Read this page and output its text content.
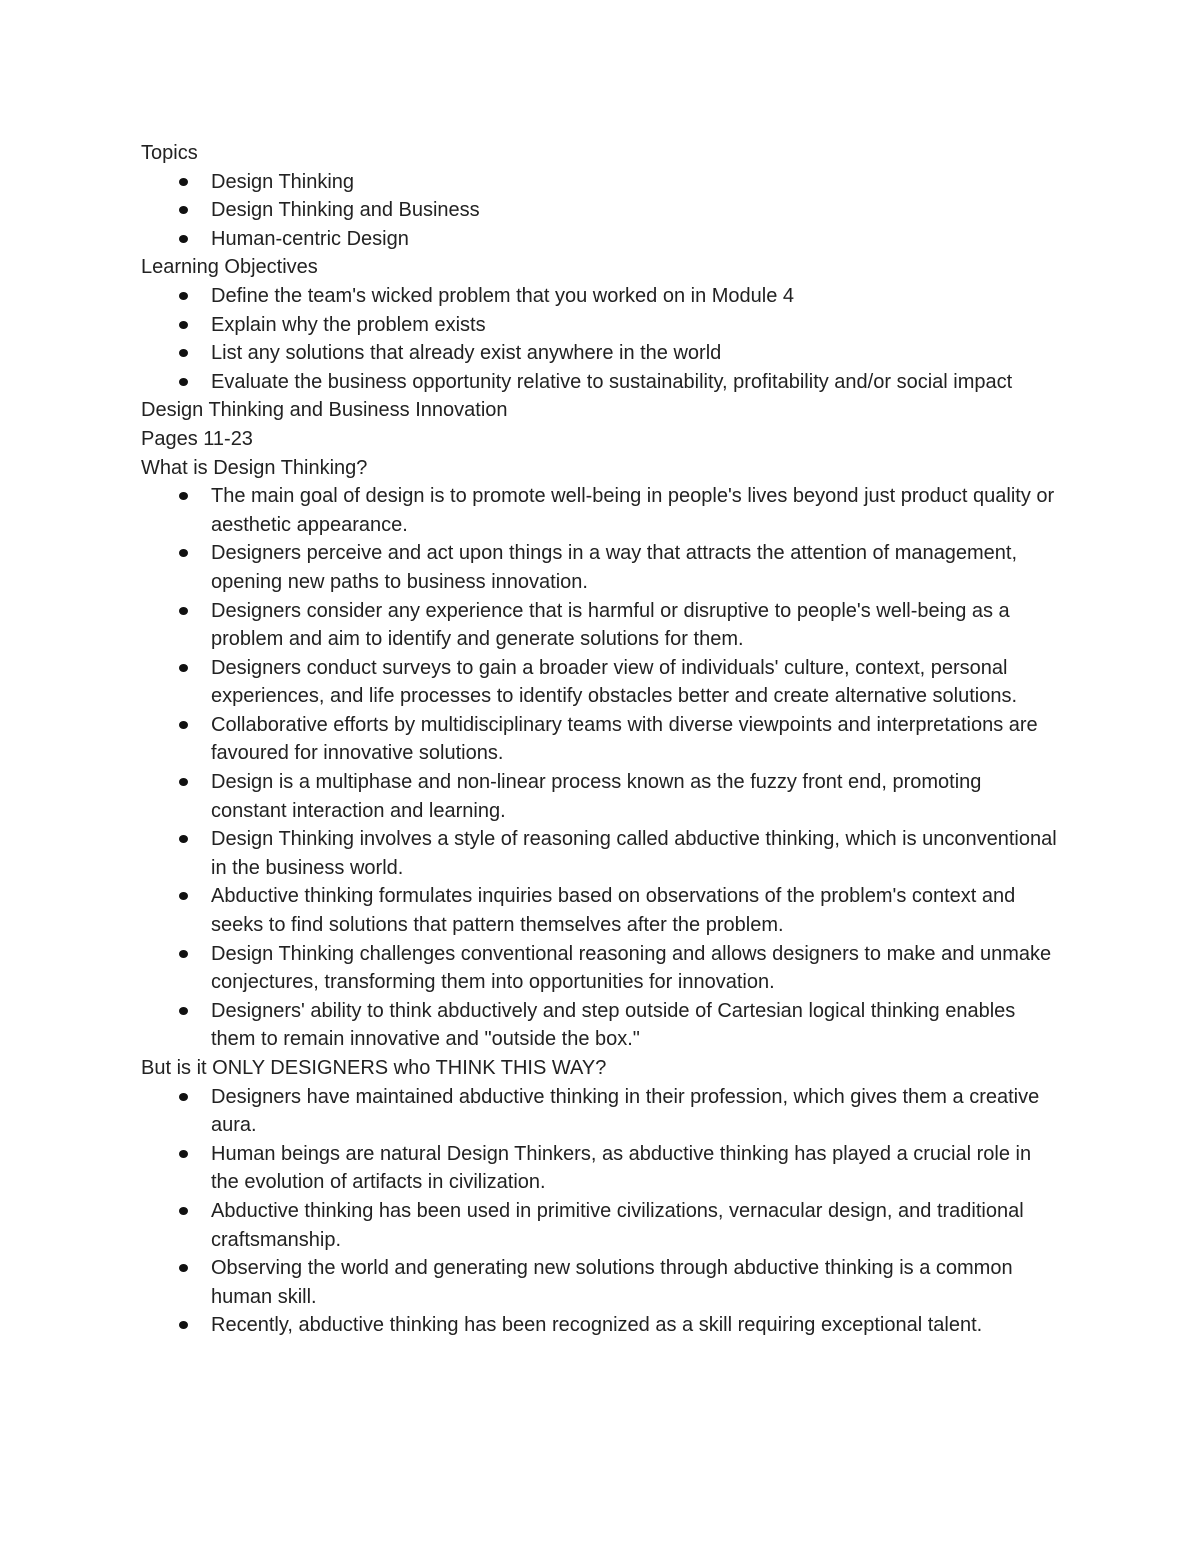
Topics

Design Thinking
Design Thinking and Business
Human-centric Design

Learning Objectives

Define the team's wicked problem that you worked on in Module 4
Explain why the problem exists
List any solutions that already exist anywhere in the world
Evaluate the business opportunity relative to sustainability, profitability and/or social impact

Design Thinking and Business Innovation

Pages 11-23

What is Design Thinking?

The main goal of design is to promote well-being in people's lives beyond just product quality or aesthetic appearance.
Designers perceive and act upon things in a way that attracts the attention of management, opening new paths to business innovation.
Designers consider any experience that is harmful or disruptive to people's well-being as a problem and aim to identify and generate solutions for them.
Designers conduct surveys to gain a broader view of individuals' culture, context, personal experiences, and life processes to identify obstacles better and create alternative solutions.
Collaborative efforts by multidisciplinary teams with diverse viewpoints and interpretations are favoured for innovative solutions.
Design is a multiphase and non-linear process known as the fuzzy front end, promoting constant interaction and learning.
Design Thinking involves a style of reasoning called abductive thinking, which is unconventional in the business world.
Abductive thinking formulates inquiries based on observations of the problem's context and seeks to find solutions that pattern themselves after the problem.
Design Thinking challenges conventional reasoning and allows designers to make and unmake conjectures, transforming them into opportunities for innovation.
Designers' ability to think abductively and step outside of Cartesian logical thinking enables them to remain innovative and "outside the box."

But is it ONLY DESIGNERS who THINK THIS WAY?

Designers have maintained abductive thinking in their profession, which gives them a creative aura.
Human beings are natural Design Thinkers, as abductive thinking has played a crucial role in the evolution of artifacts in civilization.
Abductive thinking has been used in primitive civilizations, vernacular design, and traditional craftsmanship.
Observing the world and generating new solutions through abductive thinking is a common human skill.
Recently, abductive thinking has been recognized as a skill requiring exceptional talent.
